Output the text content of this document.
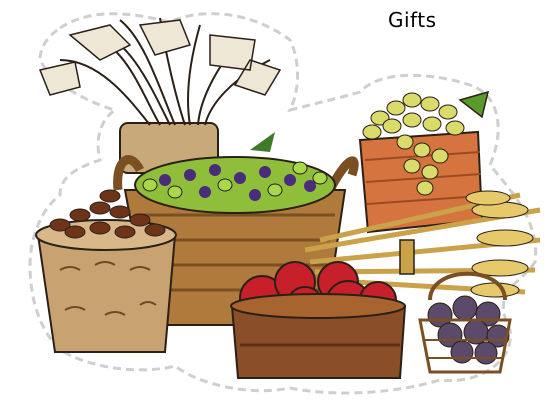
Gifts
